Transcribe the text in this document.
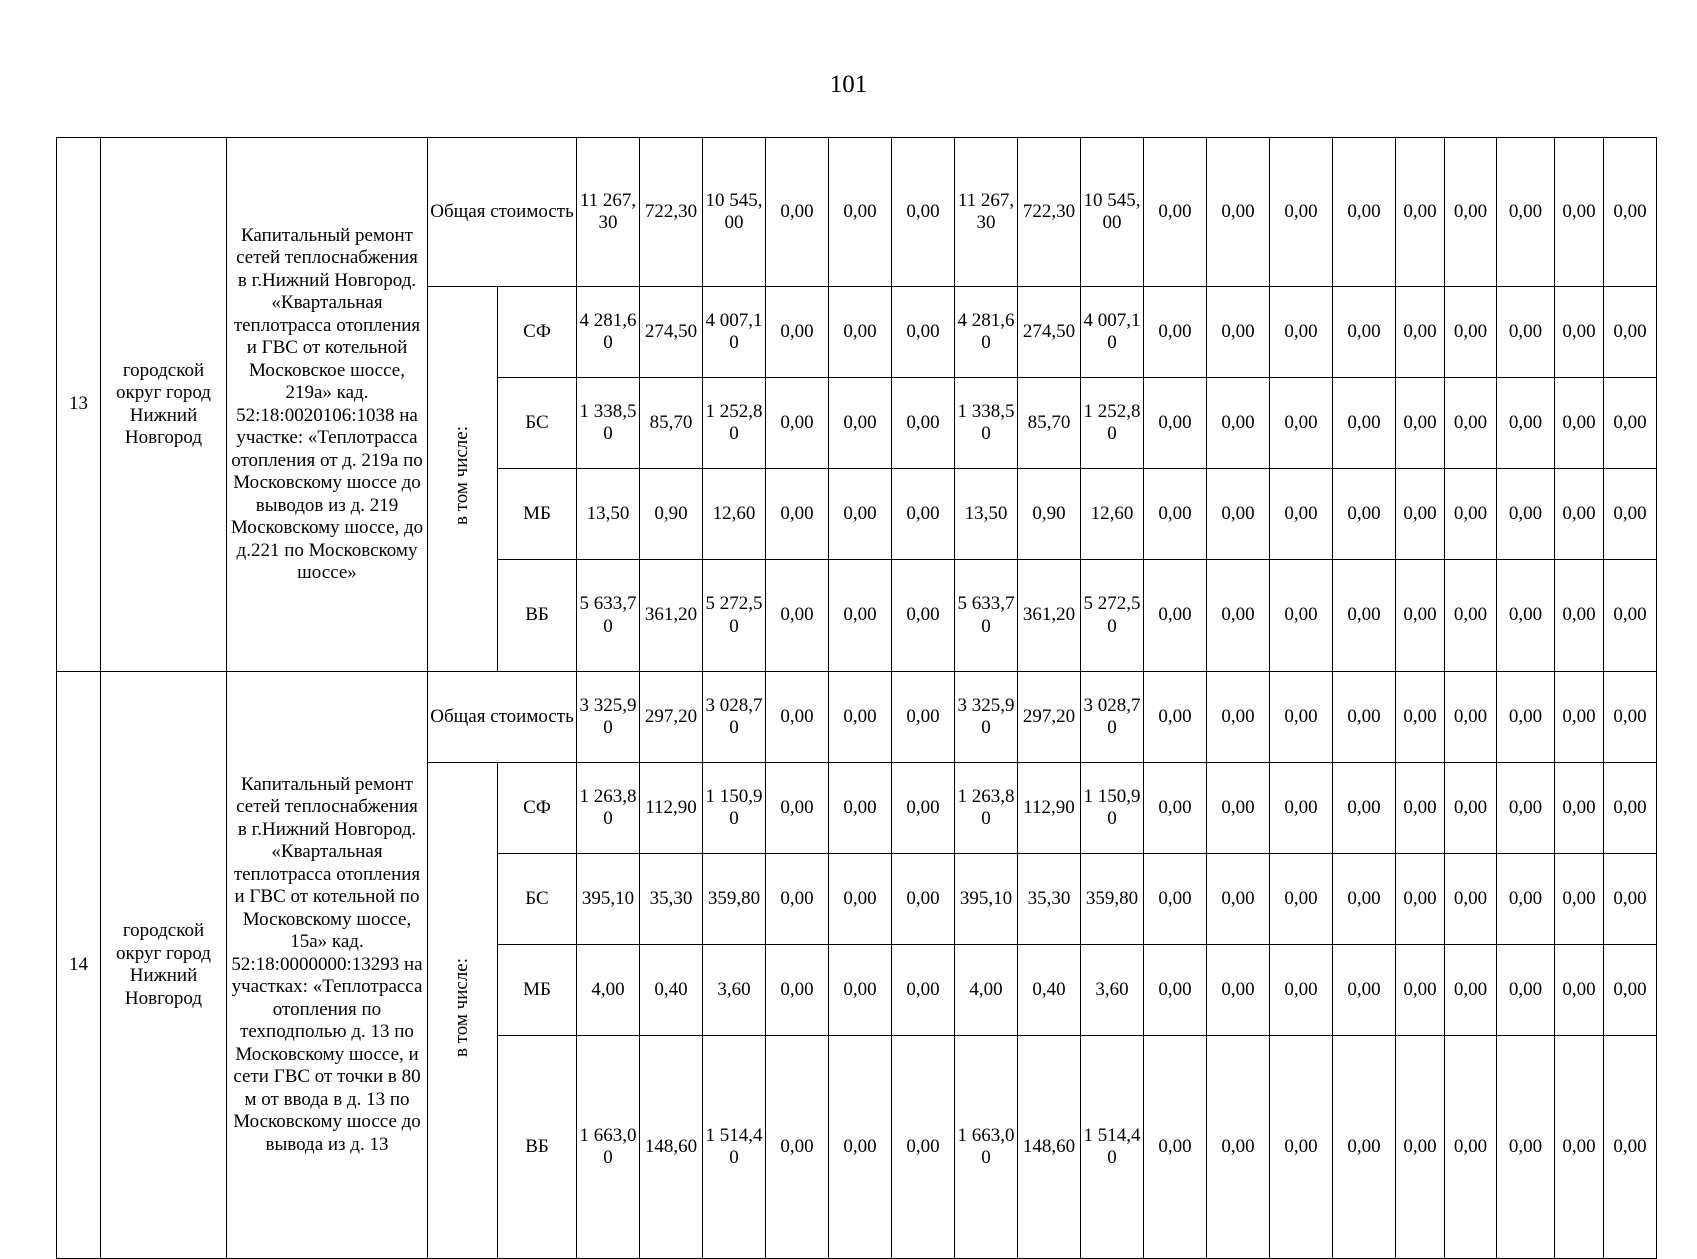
101
13	городской округ город Нижний Новгород	Капитальный ремонт сетей теплоснабжения в г.Нижний Новгород. «Квартальная теплотрасса отопления и ГВС от котельной Московское шоссе, 219а» кад. 52:18:0020106:1038 на участке: «Теплотрасса отопления от д. 219а по Московскому шоссе до выводов из д. 219 Московскому шоссе, до д.221 по Московскому шоссе»	Общая стоимость		11 267,30	722,30	10 545,00	0,00	0,00	0,00	11 267,30	722,30	10 545,00	0,00	0,00	0,00	0,00	0,00	0,00	0,00	0,00	0,00	
			в том числе:	СФ	4 281,60	274,50	4 007,10	0,00	0,00	0,00	4 281,60	274,50	4 007,10	0,00	0,00	0,00	0,00	0,00	0,00	0,00	0,00	0,00	
				БС	1 338,50	85,70	1 252,80	0,00	0,00	0,00	1 338,50	85,70	1 252,80	0,00	0,00	0,00	0,00	0,00	0,00	0,00	0,00	0,00	
				МБ	13,50	0,90	12,60	0,00	0,00	0,00	13,50	0,90	12,60	0,00	0,00	0,00	0,00	0,00	0,00	0,00	0,00	0,00	
				ВБ	5 633,70	361,20	5 272,50	0,00	0,00	0,00	5 633,70	361,20	5 272,50	0,00	0,00	0,00	0,00	0,00	0,00	0,00	0,00	0,00	
14	городской округ город Нижний Новгород	Капитальный ремонт сетей теплоснабжения в г.Нижний Новгород. «Квартальная теплотрасса отопления и ГВС от котельной по Московскому шоссе, 15а» кад. 52:18:0000000:13293 на участках: «Теплотрасса отопления по техподполью д. 13 по Московскому шоссе, и сети ГВС от точки в 80 м от ввода в д. 13 по Московскому шоссе до вывода из д. 13	Общая стоимость		3 325,90	297,20	3 028,70	0,00	0,00	0,00	3 325,90	297,20	3 028,70	0,00	0,00	0,00	0,00	0,00	0,00	0,00	0,00	0,00	
			в том числе:	СФ	1 263,80	112,90	1 150,90	0,00	0,00	0,00	1 263,80	112,90	1 150,90	0,00	0,00	0,00	0,00	0,00	0,00	0,00	0,00	0,00	
				БС	395,10	35,30	359,80	0,00	0,00	0,00	395,10	35,30	359,80	0,00	0,00	0,00	0,00	0,00	0,00	0,00	0,00	0,00	
				МБ	4,00	0,40	3,60	0,00	0,00	0,00	4,00	0,40	3,60	0,00	0,00	0,00	0,00	0,00	0,00	0,00	0,00	0,00	
				ВБ	1 663,00	148,60	1 514,40	0,00	0,00	0,00	1 663,00	148,60	1 514,40	0,00	0,00	0,00	0,00	0,00	0,00	0,00	0,00	0,00	
